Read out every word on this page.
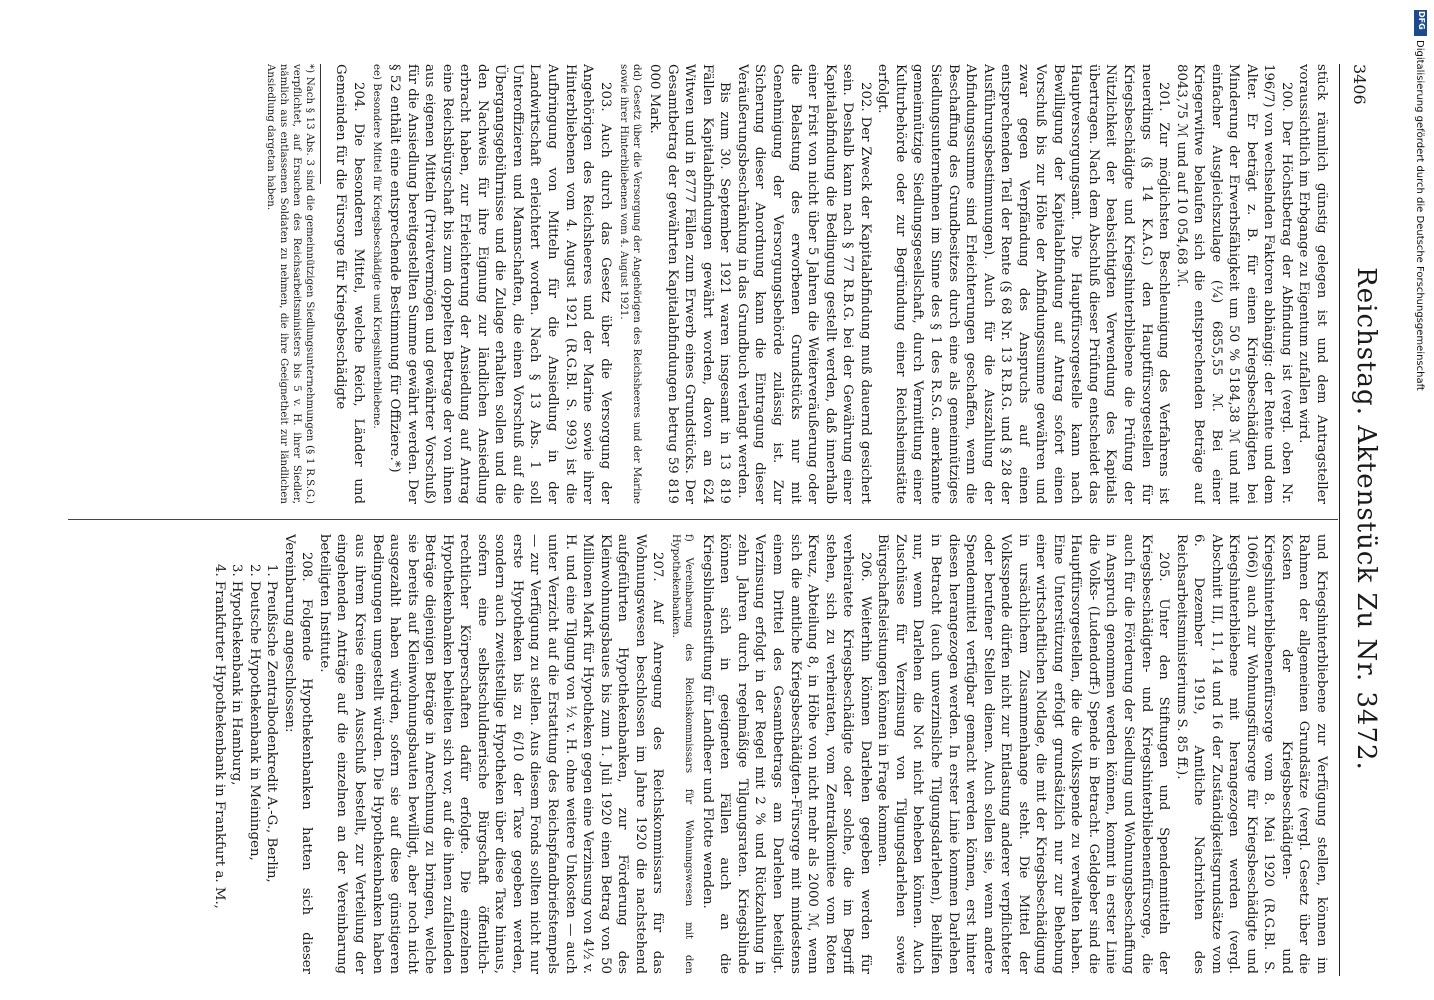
3406
Reichstag. Aktenstück Zu Nr. 3472.

stück räumlich günstig gelegen ist und dem Antragsteller voraussichtlich im Erbgange zu Eigentum zufallen wird.

200. Der Höchstbetrag der Abfindung ist (vergl. oben Nr. 196/7) von wechselnden Faktoren abhängig: der Rente und dem Alter. Er beträgt z. B. für einen Kriegsbeschädigten bei Minderung der Erwerbsfähigkeit um 50 % 5184,38 ℳ und mit einfacher Ausgleichszulage (¼) 6855,55 ℳ. Bei einer Kriegerwitwe belaufen sich die entsprechenden Beträge auf 8043,75 ℳ und auf 10 054,68 ℳ.

201. Zur möglichsten Beschleunigung des Verfahrens ist neuerdings (§ 14 K.A.G.) den Hauptfürsorgestellen für Kriegsbeschädigte und Kriegshinterbliebene die Prüfung der Nützlichkeit der beabsichtigten Verwendung des Kapitals übertragen. Nach dem Abschluß dieser Prüfung entscheidet das Hauptversorgungsamt. Die Hauptfürsorgestelle kann nach Bewilligung der Kapitalabfindung auf Antrag sofort einen Vorschuß bis zur Höhe der Abfindungssumme gewähren und zwar gegen Verpfändung des Anspruchs auf einen entsprechenden Teil der Rente (§ 68 Nr. 13 R.B.G. und § 28 der Ausführungsbestimmungen). Auch für die Auszahlung der Abfindungssumme sind Erleichterungen geschaffen, wenn die Beschaffung des Grundbesitzes durch eine als gemeinnütziges Siedlungsunternehmen im Sinne des § 1 des R.S.G. anerkannte gemeinnützige Siedlungsgesellschaft, durch Vermittlung einer Kulturbehörde oder zur Begründung einer Reichsheimstätte erfolgt.

202. Der Zweck der Kapitalabfindung muß dauernd gesichert sein. Deshalb kann nach § 77 R.B.G. bei der Gewährung einer Kapitalabfindung die Bedingung gestellt werden, daß innerhalb einer Frist von nicht über 5 Jahren die Weiterveräußerung oder die Belastung des erworbenen Grundstücks nur mit Genehmigung der Versorgungsbehörde zulässig ist. Zur Sicherung dieser Anordnung kann die Eintragung dieser Veräußerungsbeschränkung in das Grundbuch verlangt werden.

Bis zum 30. September 1921 waren insgesamt in 13 819 Fällen Kapitalabfindungen gewährt worden, davon an 624 Witwen und in 8777 Fällen zum Erwerb eines Grundstücks. Der Gesamtbetrag der gewährten Kapitalabfindungen betrug 59 819 000 Mark.

dd) Gesetz über die Versorgung der Angehörigen des Reichsheeres und der Marine sowie ihrer Hinterbliebenen vom 4. August 1921.

203. Auch durch das Gesetz über die Versorgung der Angehörigen des Reichsheeres und der Marine sowie ihrer Hinterbliebenen vom 4. August 1921 (R.G.Bl. S. 993) ist die Aufbringung von Mitteln für die Ansiedlung in der Landwirtschaft erleichtert worden. Nach § 13 Abs. 1 soll Unteroffizieren und Mannschaften, die einen Vorschuß auf die Übergangsgebührnisse und die Zulage erhalten sollen und die den Nachweis für ihre Eignung zur ländlichen Ansiedlung erbracht haben, zur Erleichterung der Ansiedlung auf Antrag eine Reichsbürgschaft bis zum doppelten Betrage der von ihnen aus eigenen Mitteln (Privatvermögen und gewährter Vorschuß) für die Ansiedlung bereitgestellten Summe gewährt werden. Der § 52 enthält eine entsprechende Bestimmung für Offiziere.*)

ee) Besondere Mittel für Kriegsbeschädigte und Kriegshinterbliebene.

204. Die besonderen Mittel, welche Reich, Länder und Gemeinden für die Fürsorge für Kriegsbeschädigte

*) Nach § 13 Abs. 3 sind die gemeinnützigen Siedlungsunternehmungen (§ 1 R.S.G.) verpflichtet, auf Ersuchen des Reichsarbeitsministers bis 5 v. H. ihrer Siedler, nämlich aus entlassenen Soldaten zu nehmen, die ihre Geeignetheit zur ländlichen Ansiedlung dargetan haben.

und Kriegshinterbliebene zur Verfügung stellen, können im Rahmen der allgemeinen Grundsätze (vergl. Gesetz über die Kosten der Kriegsbeschädigten- und Kriegshinterbliebenenfürsorge vom 8. Mai 1920 (R.G.Bl. S. 1066)) auch zur Wohnungsfürsorge für Kriegsbeschädigte und Kriegshinterbliebene mit herangezogen werden (vergl. Abschnitt III, 11, 14 und 16 der Zuständigkeitsgrundsätze vom 6. Dezember 1919, Amtliche Nachrichten des Reichsarbeitsministeriums S. 85 ff.).

205. Unter den Stiftungen und Spendenmitteln der Kriegsbeschädigten- und Kriegshinterbliebenenfürsorge, die auch für die Förderung der Siedlung und Wohnungsbeschaffung in Anspruch genommen werden können, kommt in erster Linie die Volks- (Ludendorff-) Spende in Betracht. Geldgeber sind die Hauptfürsorgestellen, die die Volksspende zu verwalten haben. Eine Unterstützung erfolgt grundsätzlich nur zur Behebung einer wirtschaftlichen Notlage, die mit der Kriegsbeschädigung in ursächlichem Zusammenhange steht. Die Mittel der Volksspende dürfen nicht zur Entlastung anderer verpflichteter oder berufener Stellen dienen. Auch sollen sie, wenn andere Spendenmittel verfügbar gemacht werden können, erst hinter diesen herangezogen werden. In erster Linie kommen Darlehen in Betracht (auch unverzinsliche Tilgungsdarlehen), Beihilfen nur, wenn Darlehen die Not nicht beheben können. Auch Zuschüsse für Verzinsung von Tilgungsdarlehen sowie Bürgschaftsleistungen können in Frage kommen.

206. Weiterhin können Darlehen gegeben werden für verheiratete Kriegsbeschädigte oder solche, die im Begriff stehen, sich zu verheiraten, vom Zentralkomitee vom Roten Kreuz, Abteilung 8, in Höhe von nicht mehr als 2000 ℳ, wenn sich die amtliche Kriegsbeschädigten-Fürsorge mit mindestens einem Drittel des Gesamtbetrags am Darlehen beteiligt. Verzinsung erfolgt in der Regel mit 2 % und Rückzahlung in zehn Jahren durch regelmäßige Tilgungsraten. Kriegsblinde können sich in geeigneten Fällen auch an die Kriegsblindenstiftung für Landheer und Flotte wenden.

f) Vereinbarung des Reichskommissars für Wohnungswesen mit den Hypothekenbanken.

207. Auf Anregung des Reichskommissars für das Wohnungswesen beschlossen im Jahre 1920 die nachstehend aufgeführten Hypothekenbanken, zur Förderung des Kleinwohnungsbaues bis zum 1. Juli 1920 einen Betrag von 50 Millionen Mark für Hypotheken gegen eine Verzinsung von 4½ v. H. und eine Tilgung von ½ v. H. ohne weitere Unkosten — auch unter Verzicht auf die Erstattung des Reichspfandbriefstempels — zur Verfügung zu stellen. Aus diesem Fonds sollten nicht nur erste Hypotheken bis zu 6/10 der Taxe gegeben werden, sondern auch zweitstellige Hypotheken über diese Taxe hinaus, sofern eine selbstschuldnerische Bürgschaft öffentlich-rechtlicher Körperschaften dafür erfolgte. Die einzelnen Hypothekenbanken behielten sich vor, auf die ihnen zufallenden Beträge diejenigen Beträge in Anrechnung zu bringen, welche sie bereits auf Kleinwohnungsbauten bewilligt, aber noch nicht ausgezahlt haben würden, sofern sie auf diese günstigeren Bedingungen umgestellt würden. Die Hypothekenbanken haben aus ihrem Kreise einen Ausschuß bestellt, zur Verteilung der eingehenden Anträge auf die einzelnen an der Vereinbarung beteiligten Institute.

208. Folgende Hypothekenbanken hatten sich dieser Vereinbarung angeschlossen:

1. Preußische Zentralbodenkredit A.-G., Berlin,

2. Deutsche Hypothekenbank in Meiningen,

3. Hypothekenbank in Hamburg,

4. Frankfurter Hypothekenbank in Frankfurt a. M.,

DFG
Digitalisierung gefördert durch die Deutsche Forschungsgemeinschaft
